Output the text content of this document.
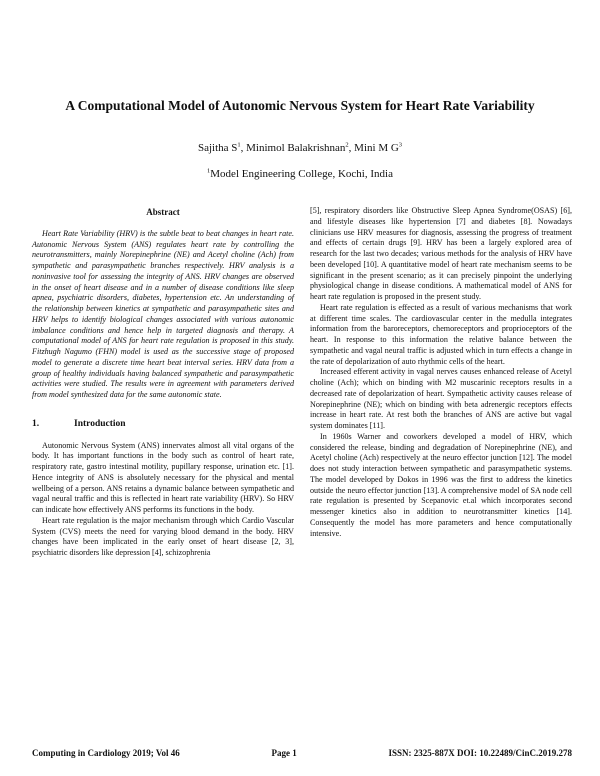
A Computational Model of Autonomic Nervous System for Heart Rate Variability
Sajitha $S^1$, Minimol Balakrishnan$^2$, Mini M $G^3$
$^1$Model Engineering College, Kochi, India
Abstract

Heart Rate Variability (HRV) is the subtle beat to beat changes in heart rate. Autonomic Nervous System (ANS) regulates heart rate by controlling the neurotransmitters, mainly Norepinephrine (NE) and Acetyl choline (Ach) from sympathetic and parasympathetic branches respectively. HRV analysis is a noninvasive tool for assessing the integrity of ANS. HRV changes are observed in the onset of heart disease and in a number of disease conditions like sleep apnea, psychiatric disorders, diabetes, hypertension etc. An understanding of the relationship between kinetics at sympathetic and parasympathetic sites and HRV helps to identify biological changes associated with various autonomic imbalance conditions and hence help in targeted diagnosis and therapy. A computational model of ANS for heart rate regulation is proposed in this study. Fitzhugh Nagumo (FHN) model is used as the successive stage of proposed model to generate a discrete time heart beat interval series. HRV data from a group of healthy individuals having balanced sympathetic and parasympathetic activities were studied. The results were in agreement with parameters derived from model synthesized data for the same autonomic state.

1.	Introduction

Autonomic Nervous System (ANS) innervates almost all vital organs of the body. It has important functions in the body such as control of heart rate, respiratory rate, gastro intestinal motility, pupillary response, urination etc. [1]. Hence integrity of ANS is absolutely necessary for the physical and mental wellbeing of a person. ANS retains a dynamic balance between sympathetic and vagal neural traffic and this is reflected in heart rate variability (HRV). So HRV can indicate how effectively ANS performs its functions in the body.

Heart rate regulation is the major mechanism through which Cardio Vascular System (CVS) meets the need for varying blood demand in the body. HRV changes have been implicated in the early onset of heart disease [2, 3], psychiatric disorders like depression [4], schizophrenia

[5], respiratory disorders like Obstructive Sleep Apnea Syndrome(OSAS) [6], and lifestyle diseases like hypertension [7] and diabetes [8]. Nowadays clinicians use HRV measures for diagnosis, assessing the progress of treatment and effects of certain drugs [9]. HRV has been a largely explored area of research for the last two decades; various methods for the analysis of HRV have been developed [10]. A quantitative model of heart rate mechanism seems to be significant in the present scenario; as it can precisely pinpoint the underlying physiological change in disease conditions. A mathematical model of ANS for heart rate regulation is proposed in the present study.

Heart rate regulation is effected as a result of various mechanisms that work at different time scales. The cardiovascular center in the medulla integrates information from the baroreceptors, chemoreceptors and proprioceptors of the heart. In response to this information the relative balance between the sympathetic and vagal neural traffic is adjusted which in turn effects a change in the rate of depolarization of auto rhythmic cells of the heart.

Increased efferent activity in vagal nerves causes enhanced release of Acetyl choline (Ach); which on binding with M2 muscarinic receptors results in a decreased rate of depolarization of heart. Sympathetic activity causes release of Norepinephrine (NE); which on binding with beta adrenergic receptors effects increase in heart rate. At rest both the branches of ANS are active but vagal system dominates [11].

In 1960s Warner and coworkers developed a model of HRV, which considered the release, binding and degradation of Norepinephrine (NE), and Acetyl choline (Ach) respectively at the neuro effector junction [12]. The model does not study interaction between sympathetic and parasympathetic systems. The model developed by Dokos in 1996 was the first to address the kinetics outside the neuro effector junction [13]. A comprehensive model of SA node cell rate regulation is presented by Scepanovic et.al which incorporates second messenger kinetics also in addition to neurotransmitter kinetics [14]. Consequently the model has more parameters and hence computationally intensive.

Computing in Cardiology 2019; Vol 46	Page 1	ISSN: 2325-887X DOI: 10.22489/CinC.2019.278
